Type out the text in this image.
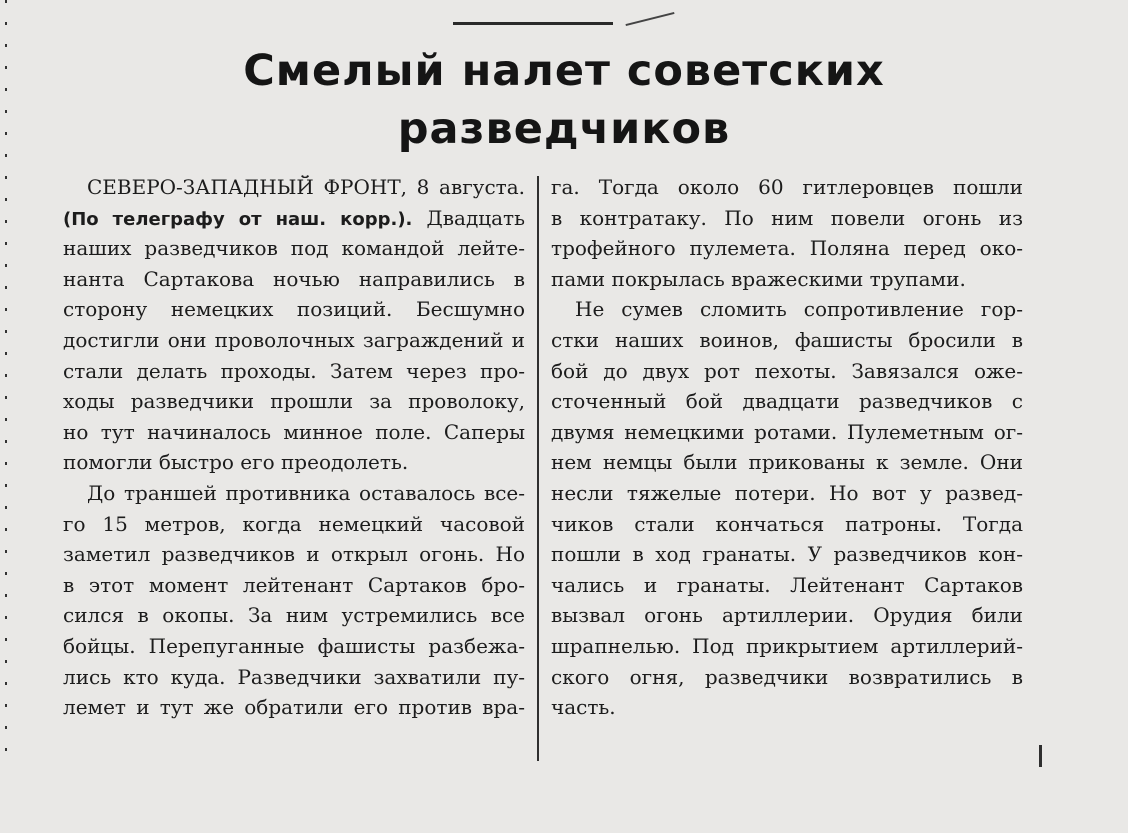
Смелый налет советских
разведчиков
СЕВЕРО-ЗАПАДНЫЙ ФРОНТ, 8 августа.
(По телеграфу от наш. корр.). Двадцать
наших разведчиков под командой лейте-
нанта Сартакова ночью направились в
сторону немецких позиций. Бесшумно
достигли они проволочных заграждений и
стали делать проходы. Затем через про-
ходы разведчики прошли за проволоку,
но тут начиналось минное поле. Саперы
помогли быстро его преодолеть.
До траншей противника оставалось все-
го 15 метров, когда немецкий часовой
заметил разведчиков и открыл огонь. Но
в этот момент лейтенант Сартаков бро-
сился в окопы. За ним устремились все
бойцы. Перепуганные фашисты разбежа-
лись кто куда. Разведчики захватили пу-
лемет и тут же обратили его против вра-
га. Тогда около 60 гитлеровцев пошли
в контратаку. По ним повели огонь из
трофейного пулемета. Поляна перед око-
пами покрылась вражескими трупами.
Не сумев сломить сопротивление гор-
стки наших воинов, фашисты бросили в
бой до двух рот пехоты. Завязался оже-
сточенный бой двадцати разведчиков с
двумя немецкими ротами. Пулеметным ог-
нем немцы были прикованы к земле. Они
несли тяжелые потери. Но вот у развед-
чиков стали кончаться патроны. Тогда
пошли в ход гранаты. У разведчиков кон-
чались и гранаты. Лейтенант Сартаков
вызвал огонь артиллерии. Орудия били
шрапнелью. Под прикрытием артиллерий-
ского огня, разведчики возвратились в
часть.
